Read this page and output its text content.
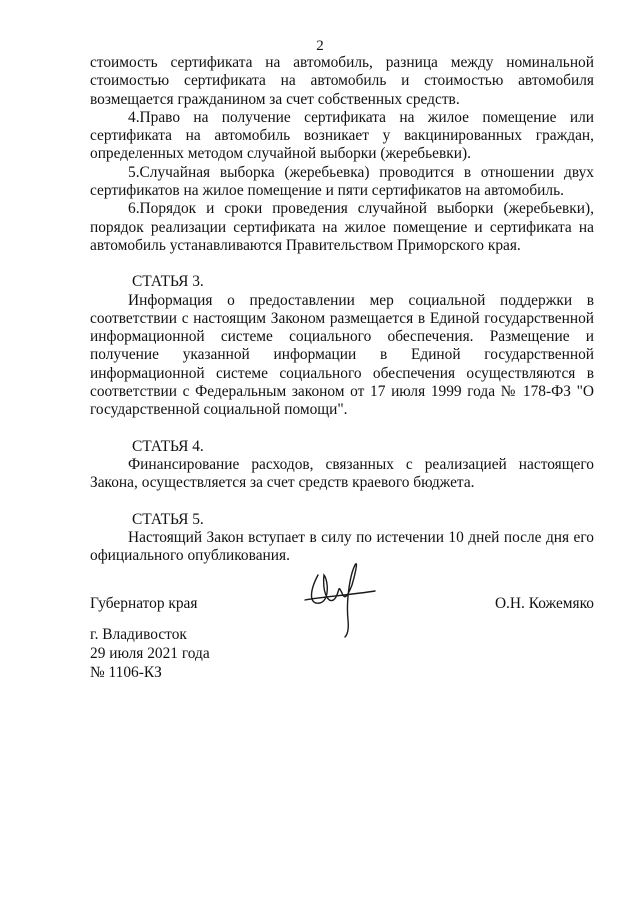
2

стоимость сертификата на автомобиль, разница между номинальной стоимостью сертификата на автомобиль и стоимостью автомобиля возмещается гражданином за счет собственных средств.

4.Право на получение сертификата на жилое помещение или сертификата на автомобиль возникает у вакцинированных граждан, определенных методом случайной выборки (жеребьевки).

5.Случайная выборка (жеребьевка) проводится в отношении двух сертификатов на жилое помещение и пяти сертификатов на автомобиль.

6.Порядок и сроки проведения случайной выборки (жеребьевки), порядок реализации сертификата на жилое помещение и сертификата на автомобиль устанавливаются Правительством Приморского края.

СТАТЬЯ 3.

Информация о предоставлении мер социальной поддержки в соответствии с настоящим Законом размещается в Единой государственной информационной системе социального обеспечения. Размещение и получение указанной информации в Единой государственной информационной системе социального обеспечения осуществляются в соответствии с Федеральным законом от 17 июля 1999 года № 178-ФЗ "О государственной социальной помощи".

СТАТЬЯ 4.

Финансирование расходов, связанных с реализацией настоящего Закона, осуществляется за счет средств краевого бюджета.

СТАТЬЯ 5.

Настоящий Закон вступает в силу по истечении 10 дней после дня его официального опубликования.

Губернатор края	О.Н. Кожемяко
г. Владивосток
29 июля 2021 года
№ 1106-КЗ
